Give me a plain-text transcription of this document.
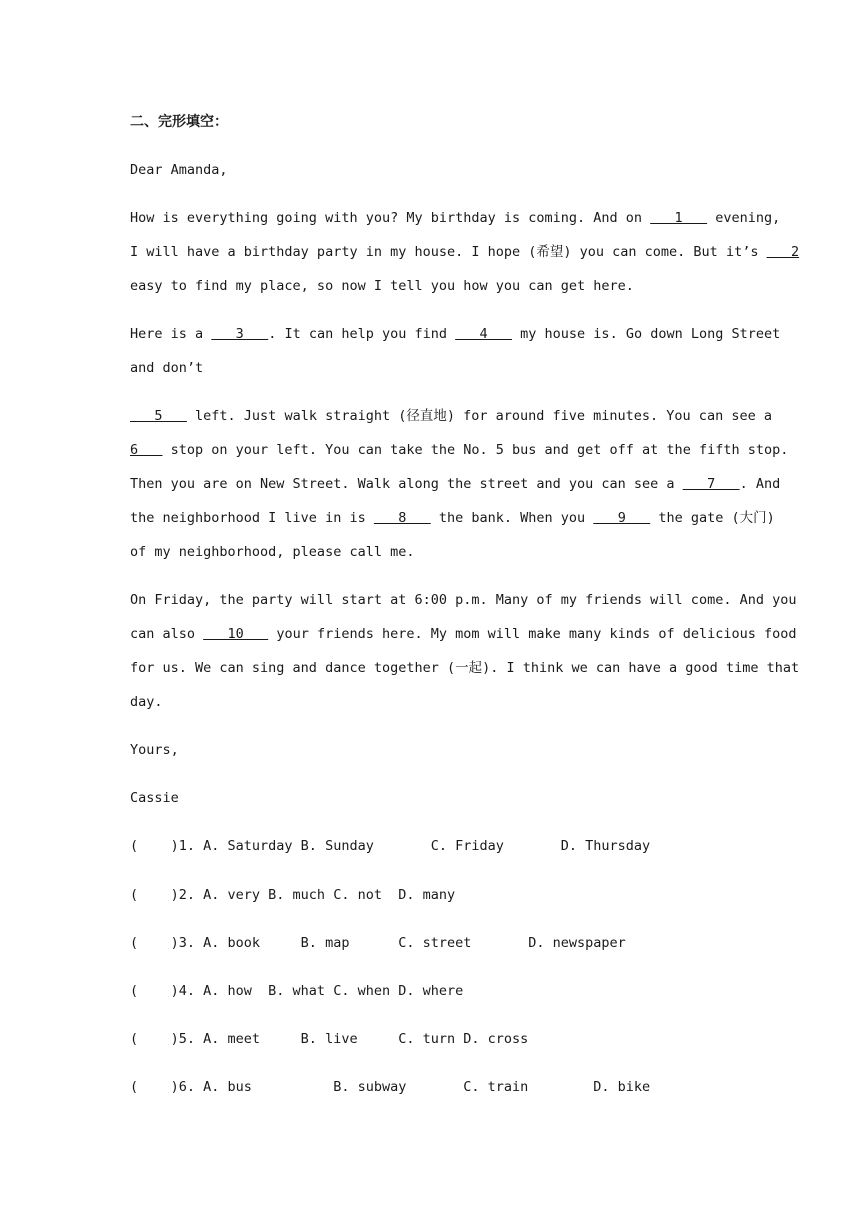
二、完形填空：
Dear Amanda,
How is everything going with you? My birthday is coming. And on    1    evening,
I will have a birthday party in my house. I hope (希望) you can come. But it’s    2
easy to find my place, so now I tell you how you can get here.
Here is a    3   . It can help you find    4    my house is. Go down Long Street
and don’t
5    left. Just walk straight (径直地) for around five minutes. You can see a
6    stop on your left. You can take the No. 5 bus and get off at the fifth stop.
Then you are on New Street. Walk along the street and you can see a    7   . And
the neighborhood I live in is    8    the bank. When you    9    the gate (大门)
of my neighborhood, please call me.
On Friday, the party will start at 6:00 p.m. Many of my friends will come. And you
can also    10    your friends here. My mom will make many kinds of delicious food
for us. We can sing and dance together (一起). I think we can have a good time that
day.
Yours,
Cassie
(    )1. A. Saturday B. Sunday       C. Friday       D. Thursday
(    )2. A. very B. much C. not  D. many
(    )3. A. book     B. map      C. street       D. newspaper
(    )4. A. how  B. what C. when D. where
(    )5. A. meet     B. live     C. turn D. cross
(    )6. A. bus          B. subway       C. train        D. bike
